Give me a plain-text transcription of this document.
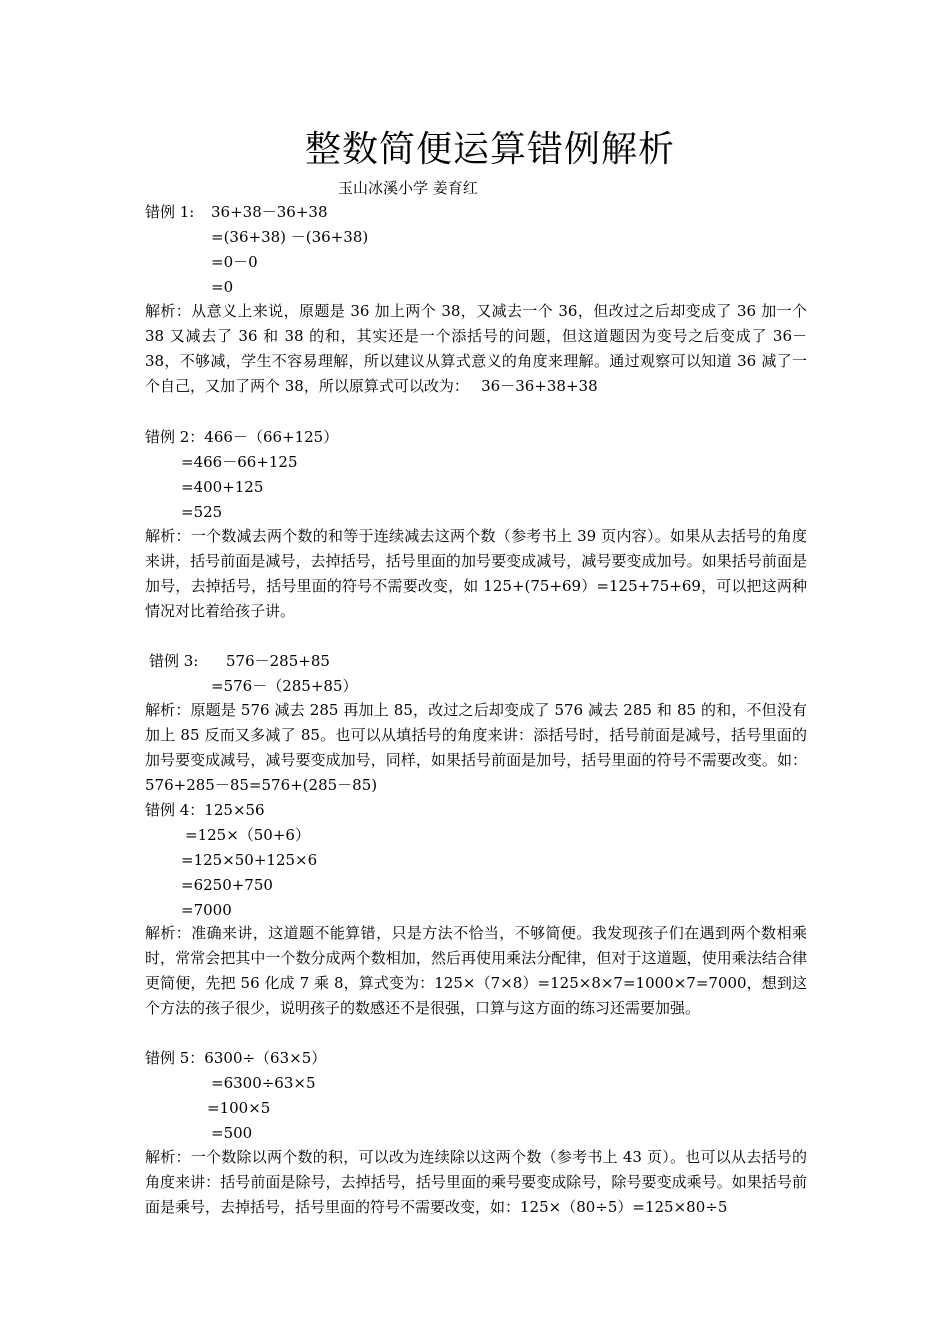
整数简便运算错例解析
玉山冰溪小学 姜育红
错例 1: 36+38－36+38
=(36+38) －(36+38)
=0－0
=0
解析：从意义上来说，原题是 36 加上两个 38，又减去一个 36，但改过之后却变成了 36 加一个 38 又减去了 36 和 38 的和，其实还是一个添括号的问题，但这道题因为变号之后变成了 36－38，不够减，学生不容易理解，所以建议从算式意义的角度来理解。通过观察可以知道 36 减了一个自己，又加了两个 38，所以原算式可以改为：　 36－36+38+38
错例 2：466－（66+125）
=466－66+125
=400+125
=525
解析：一个数减去两个数的和等于连续减去这两个数（参考书上 39 页内容）。如果从去括号的角度来讲，括号前面是减号，去掉括号，括号里面的加号要变成减号，减号要变成加号。如果括号前面是加号，去掉括号，括号里面的符号不需要改变，如 125+(75+69）=125+75+69，可以把这两种情况对比着给孩子讲。
错例 3: 576－285+85
=576－（285+85）
解析：原题是 576 减去 285 再加上 85，改过之后却变成了 576 减去 285 和 85 的和，不但没有加上 85 反而又多减了 85。也可以从填括号的角度来讲：添括号时，括号前面是减号，括号里面的加号要变成减号，减号要变成加号，同样，如果括号前面是加号，括号里面的符号不需要改变。如：576+285－85=576+(285－85)
错例 4：125×56
=125×（50+6）
=125×50+125×6
=6250+750
=7000
解析：准确来讲，这道题不能算错，只是方法不恰当，不够简便。我发现孩子们在遇到两个数相乘时，常常会把其中一个数分成两个数相加，然后再使用乘法分配律，但对于这道题，使用乘法结合律更简便，先把 56 化成 7 乘 8，算式变为：125×（7×8）=125×8×7=1000×7=7000，想到这个方法的孩子很少，说明孩子的数感还不是很强，口算与这方面的练习还需要加强。
错例 5：6300÷（63×5）
=6300÷63×5
=100×5
=500
解析：一个数除以两个数的积，可以改为连续除以这两个数（参考书上 43 页）。也可以从去括号的角度来讲：括号前面是除号，去掉括号，括号里面的乘号要变成除号，除号要变成乘号。如果括号前面是乘号，去掉括号，括号里面的符号不需要改变，如：125×（80÷5）=125×80÷5
